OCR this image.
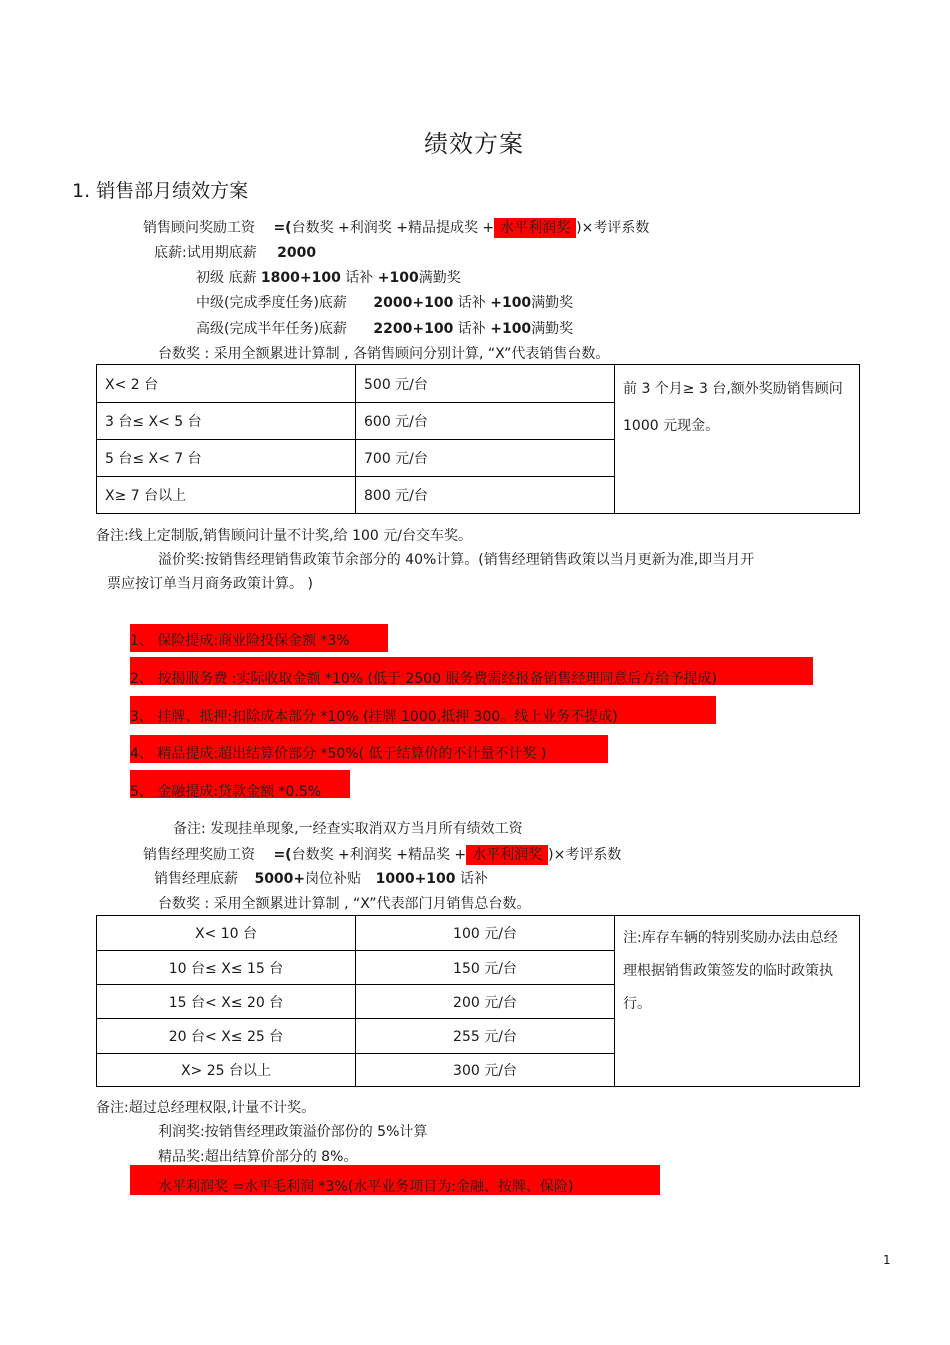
绩效方案
1. 销售部月绩效方案
销售顾问奖励工资 =(台数奖 +利润奖 +精品提成奖 + 水平利润奖 )×考评系数
底薪:试用期底薪 2000
初级 底薪 1800+100 话补 +100满勤奖
中级(完成季度任务)底薪 2000+100 话补 +100满勤奖
高级(完成半年任务)底薪 2200+100 话补 +100满勤奖
台数奖 : 采用全额累进计算制 , 各销售顾问分别计算, “X”代表销售台数。
X< 2 台	500 元/台	前 3 个月≥ 3 台,额外奖励销售顾问 1000 元现金。
3 台≤ X< 5 台	600 元/台	
5 台≤ X< 7 台	700 元/台	
X≥ 7 台以上	800 元/台	
备注:线上定制版,销售顾问计量不计奖,给 100 元/台交车奖。
溢价奖:按销售经理销售政策节余部分的 40%计算。(销售经理销售政策以当月更新为准,即当月开
票应按订单当月商务政策计算。 )
1、 保险提成:商业险投保金额 *3%
2、 按揭服务费 :实际收取金额 *10% (低于 2500 服务费需经报备销售经理同意后方给予提成)
3、 挂牌、抵押:扣除成本部分 *10% (挂牌 1000,抵押 300。线上业务不提成)
4、 精品提成:超出结算价部分 *50%( 低于结算价的不计量不计奖 )
5、 金融提成:贷款金额 *0.5%
备注: 发现挂单现象,一经查实取消双方当月所有绩效工资
销售经理奖励工资 =(台数奖 +利润奖 +精品奖 + 水平利润奖 )×考评系数
销售经理底薪 5000+岗位补贴 1000+100 话补
台数奖 : 采用全额累进计算制 , “X”代表部门月销售总台数。
X< 10 台	100 元/台	注:库存车辆的特别奖励办法由总经理根据销售政策签发的临时政策执行。
10 台≤ X≤ 15 台	150 元/台	
15 台< X≤ 20 台	200 元/台	
20 台< X≤ 25 台	255 元/台	
X> 25 台以上	300 元/台	
备注:超过总经理权限,计量不计奖。
利润奖:按销售经理政策溢价部份的 5%计算
精品奖:超出结算价部分的 8%。
水平利润奖 =水平毛利润 *3%(水平业务项目为:金融、按牌、保险)
1
